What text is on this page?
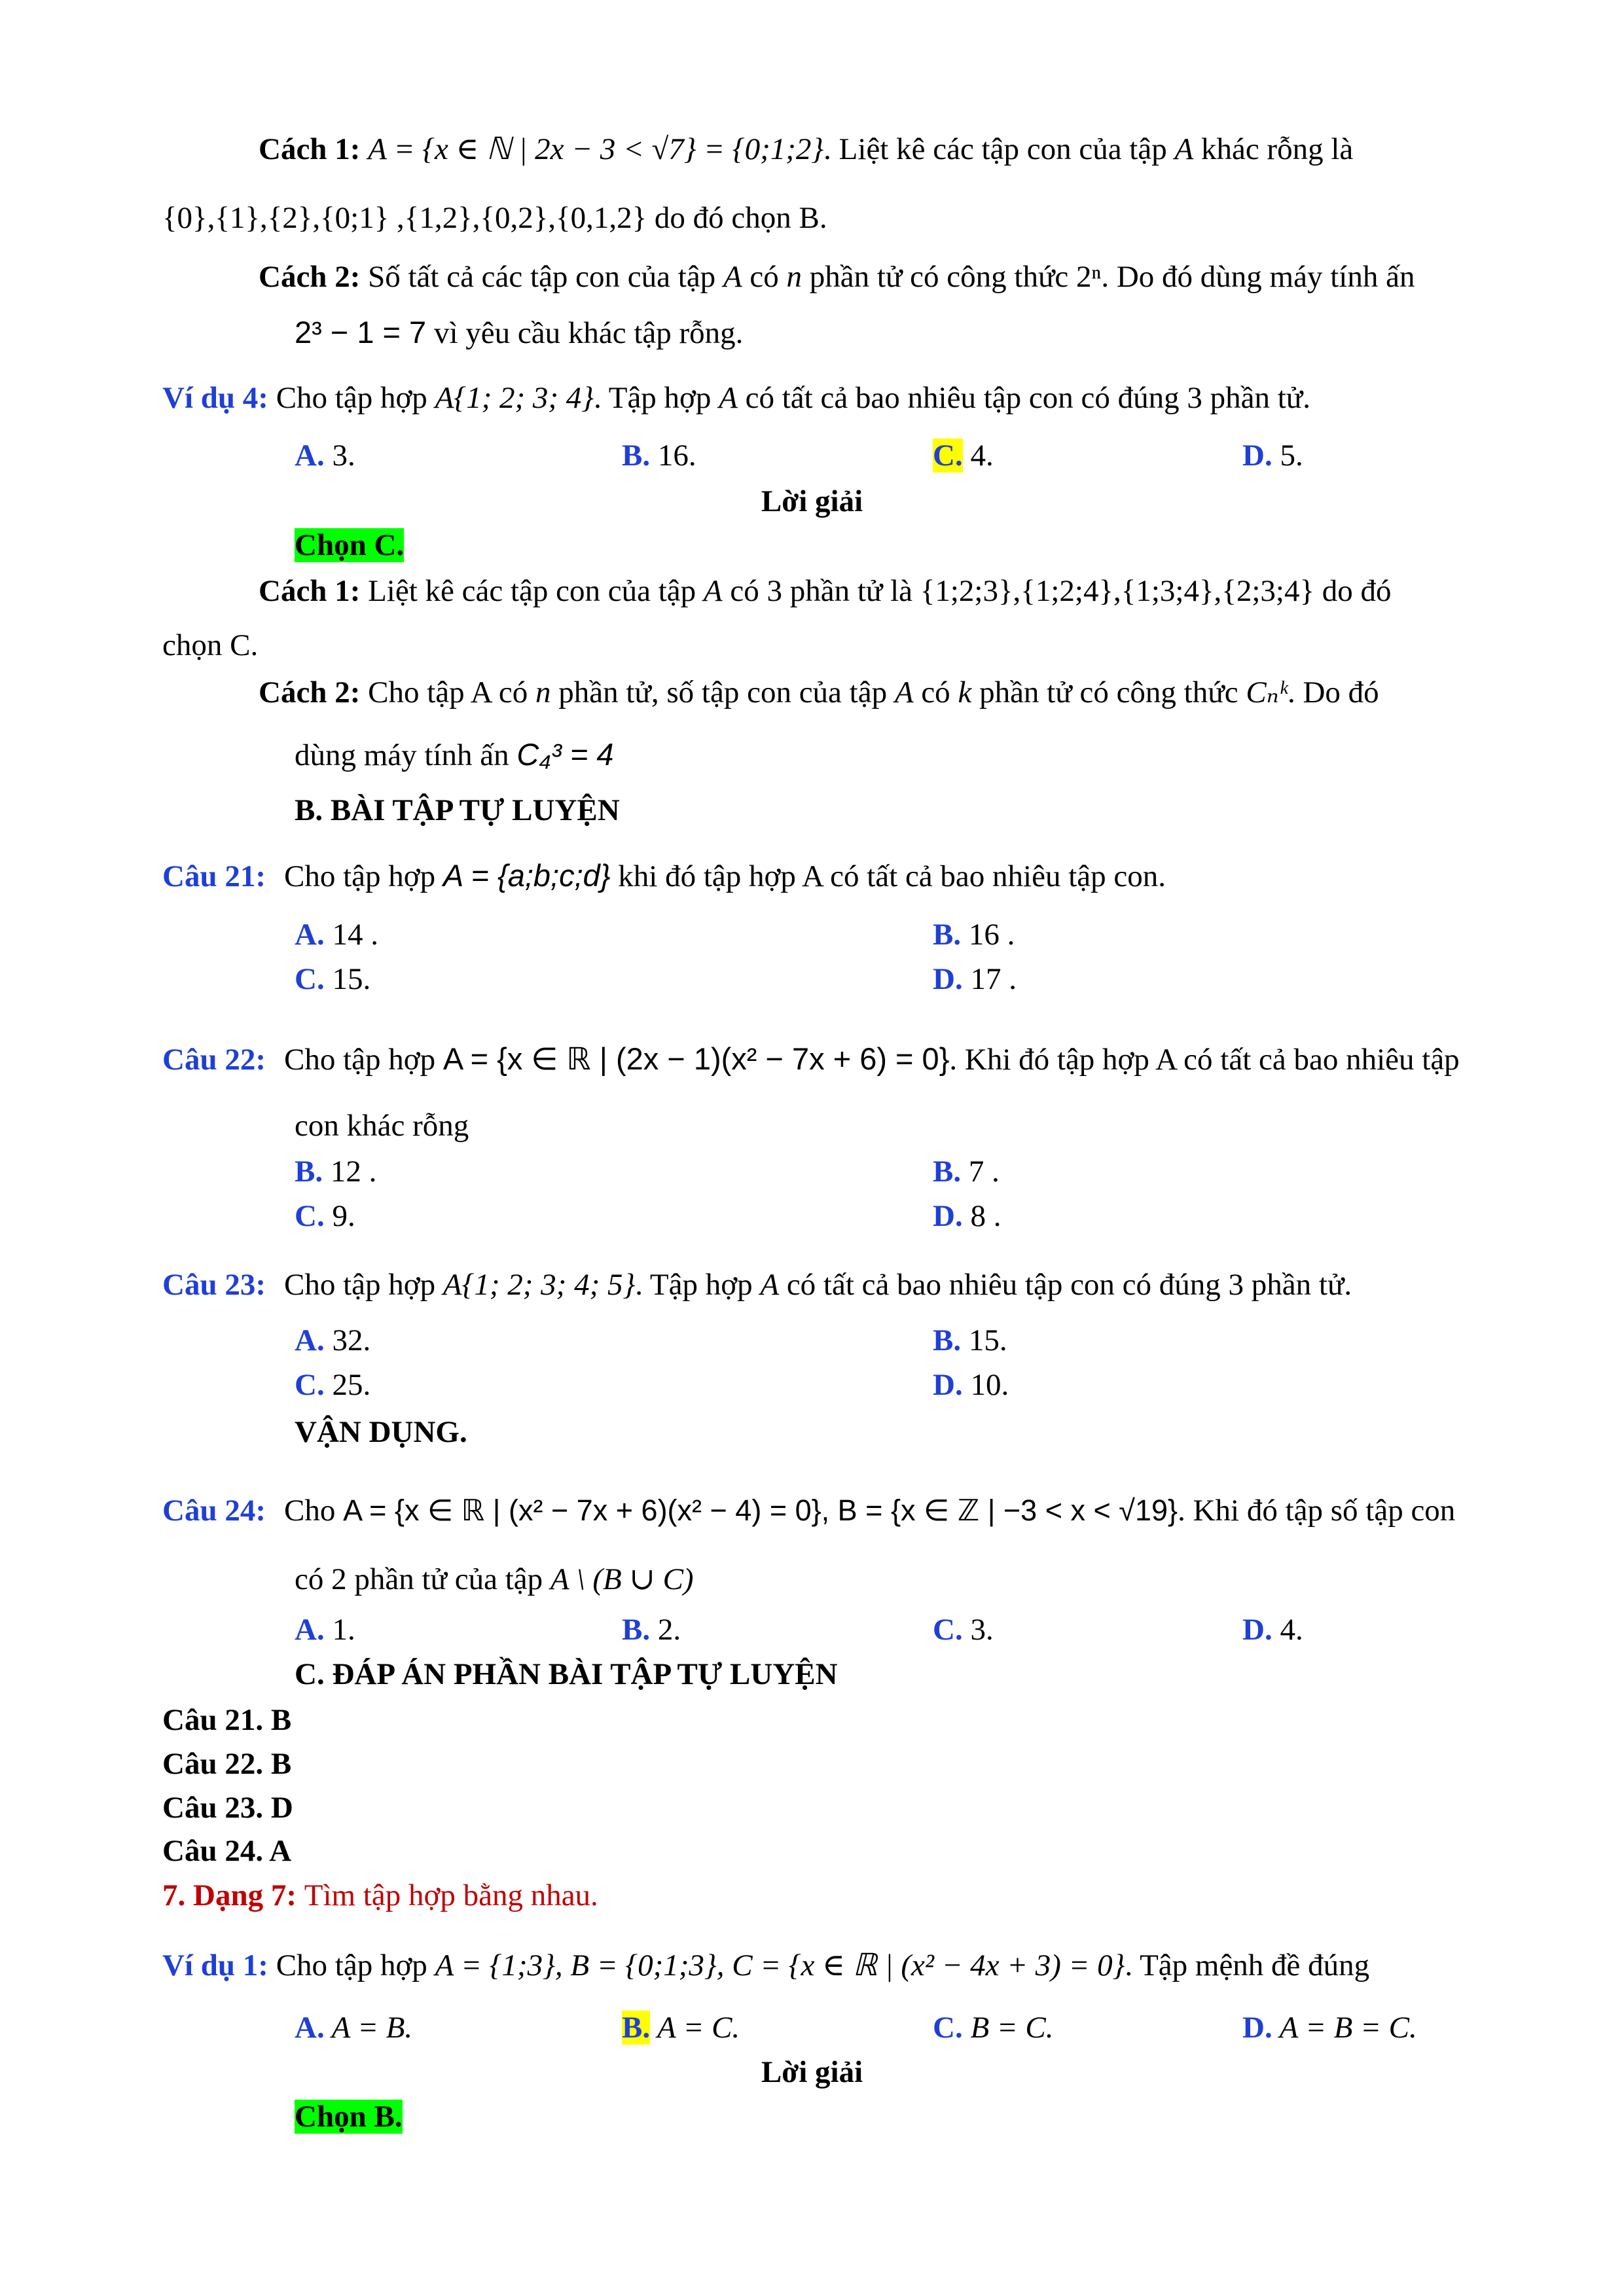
Cách 1: A = {x ∈ ℕ | 2x − 3 < √7} = {0;1;2}. Liệt kê các tập con của tập A khác rỗng là
{0},{1},{2},{0;1} ,{1,2},{0,2},{0,1,2} do đó chọn B.
Cách 2: Số tất cả các tập con của tập A có n phần tử có công thức 2ⁿ. Do đó dùng máy tính ấn
2³ − 1 = 7 vì yêu cầu khác tập rỗng.
Ví dụ 4: Cho tập hợp A{1; 2; 3; 4}. Tập hợp A có tất cả bao nhiêu tập con có đúng 3 phần tử.
A. 3.	B. 16.	C. 4.	D. 5.
Lời giải
Chọn C.
Cách 1: Liệt kê các tập con của tập A có 3 phần tử là {1;2;3},{1;2;4},{1;3;4},{2;3;4} do đó
chọn C.
Cách 2: Cho tập A có n phần tử, số tập con của tập A có k phần tử có công thức Cₙᵏ. Do đó
dùng máy tính ấn C₄³ = 4
B. BÀI TẬP TỰ LUYỆN
Câu 21: Cho tập hợp A = {a;b;c;d} khi đó tập hợp A có tất cả bao nhiêu tập con.
A. 14 .	B. 16 .
C. 15.	D. 17 .
Câu 22: Cho tập hợp A = {x ∈ ℝ | (2x − 1)(x² − 7x + 6) = 0}. Khi đó tập hợp A có tất cả bao nhiêu tập
con khác rỗng
B. 12 .	B. 7 .
C. 9.	D. 8 .
Câu 23: Cho tập hợp A{1; 2; 3; 4; 5}. Tập hợp A có tất cả bao nhiêu tập con có đúng 3 phần tử.
A. 32.	B. 15.
C. 25.	D. 10.
VẬN DỤNG.
Câu 24: Cho A = {x ∈ ℝ | (x² − 7x + 6)(x² − 4) = 0}, B = {x ∈ ℤ | −3 < x < √19}. Khi đó tập số tập con
có 2 phần tử của tập A \ (B ∪ C)
A. 1.	B. 2.	C. 3.	D. 4.
C. ĐÁP ÁN PHẦN BÀI TẬP TỰ LUYỆN
Câu 21. B
Câu 22. B
Câu 23. D
Câu 24. A
7. Dạng 7: Tìm tập hợp bằng nhau.
Ví dụ 1: Cho tập hợp A = {1;3}, B = {0;1;3}, C = {x ∈ ℝ | (x² − 4x + 3) = 0}. Tập mệnh đề đúng
A. A = B.	B. A = C.	C. B = C.	D. A = B = C.
Lời giải
Chọn B.
